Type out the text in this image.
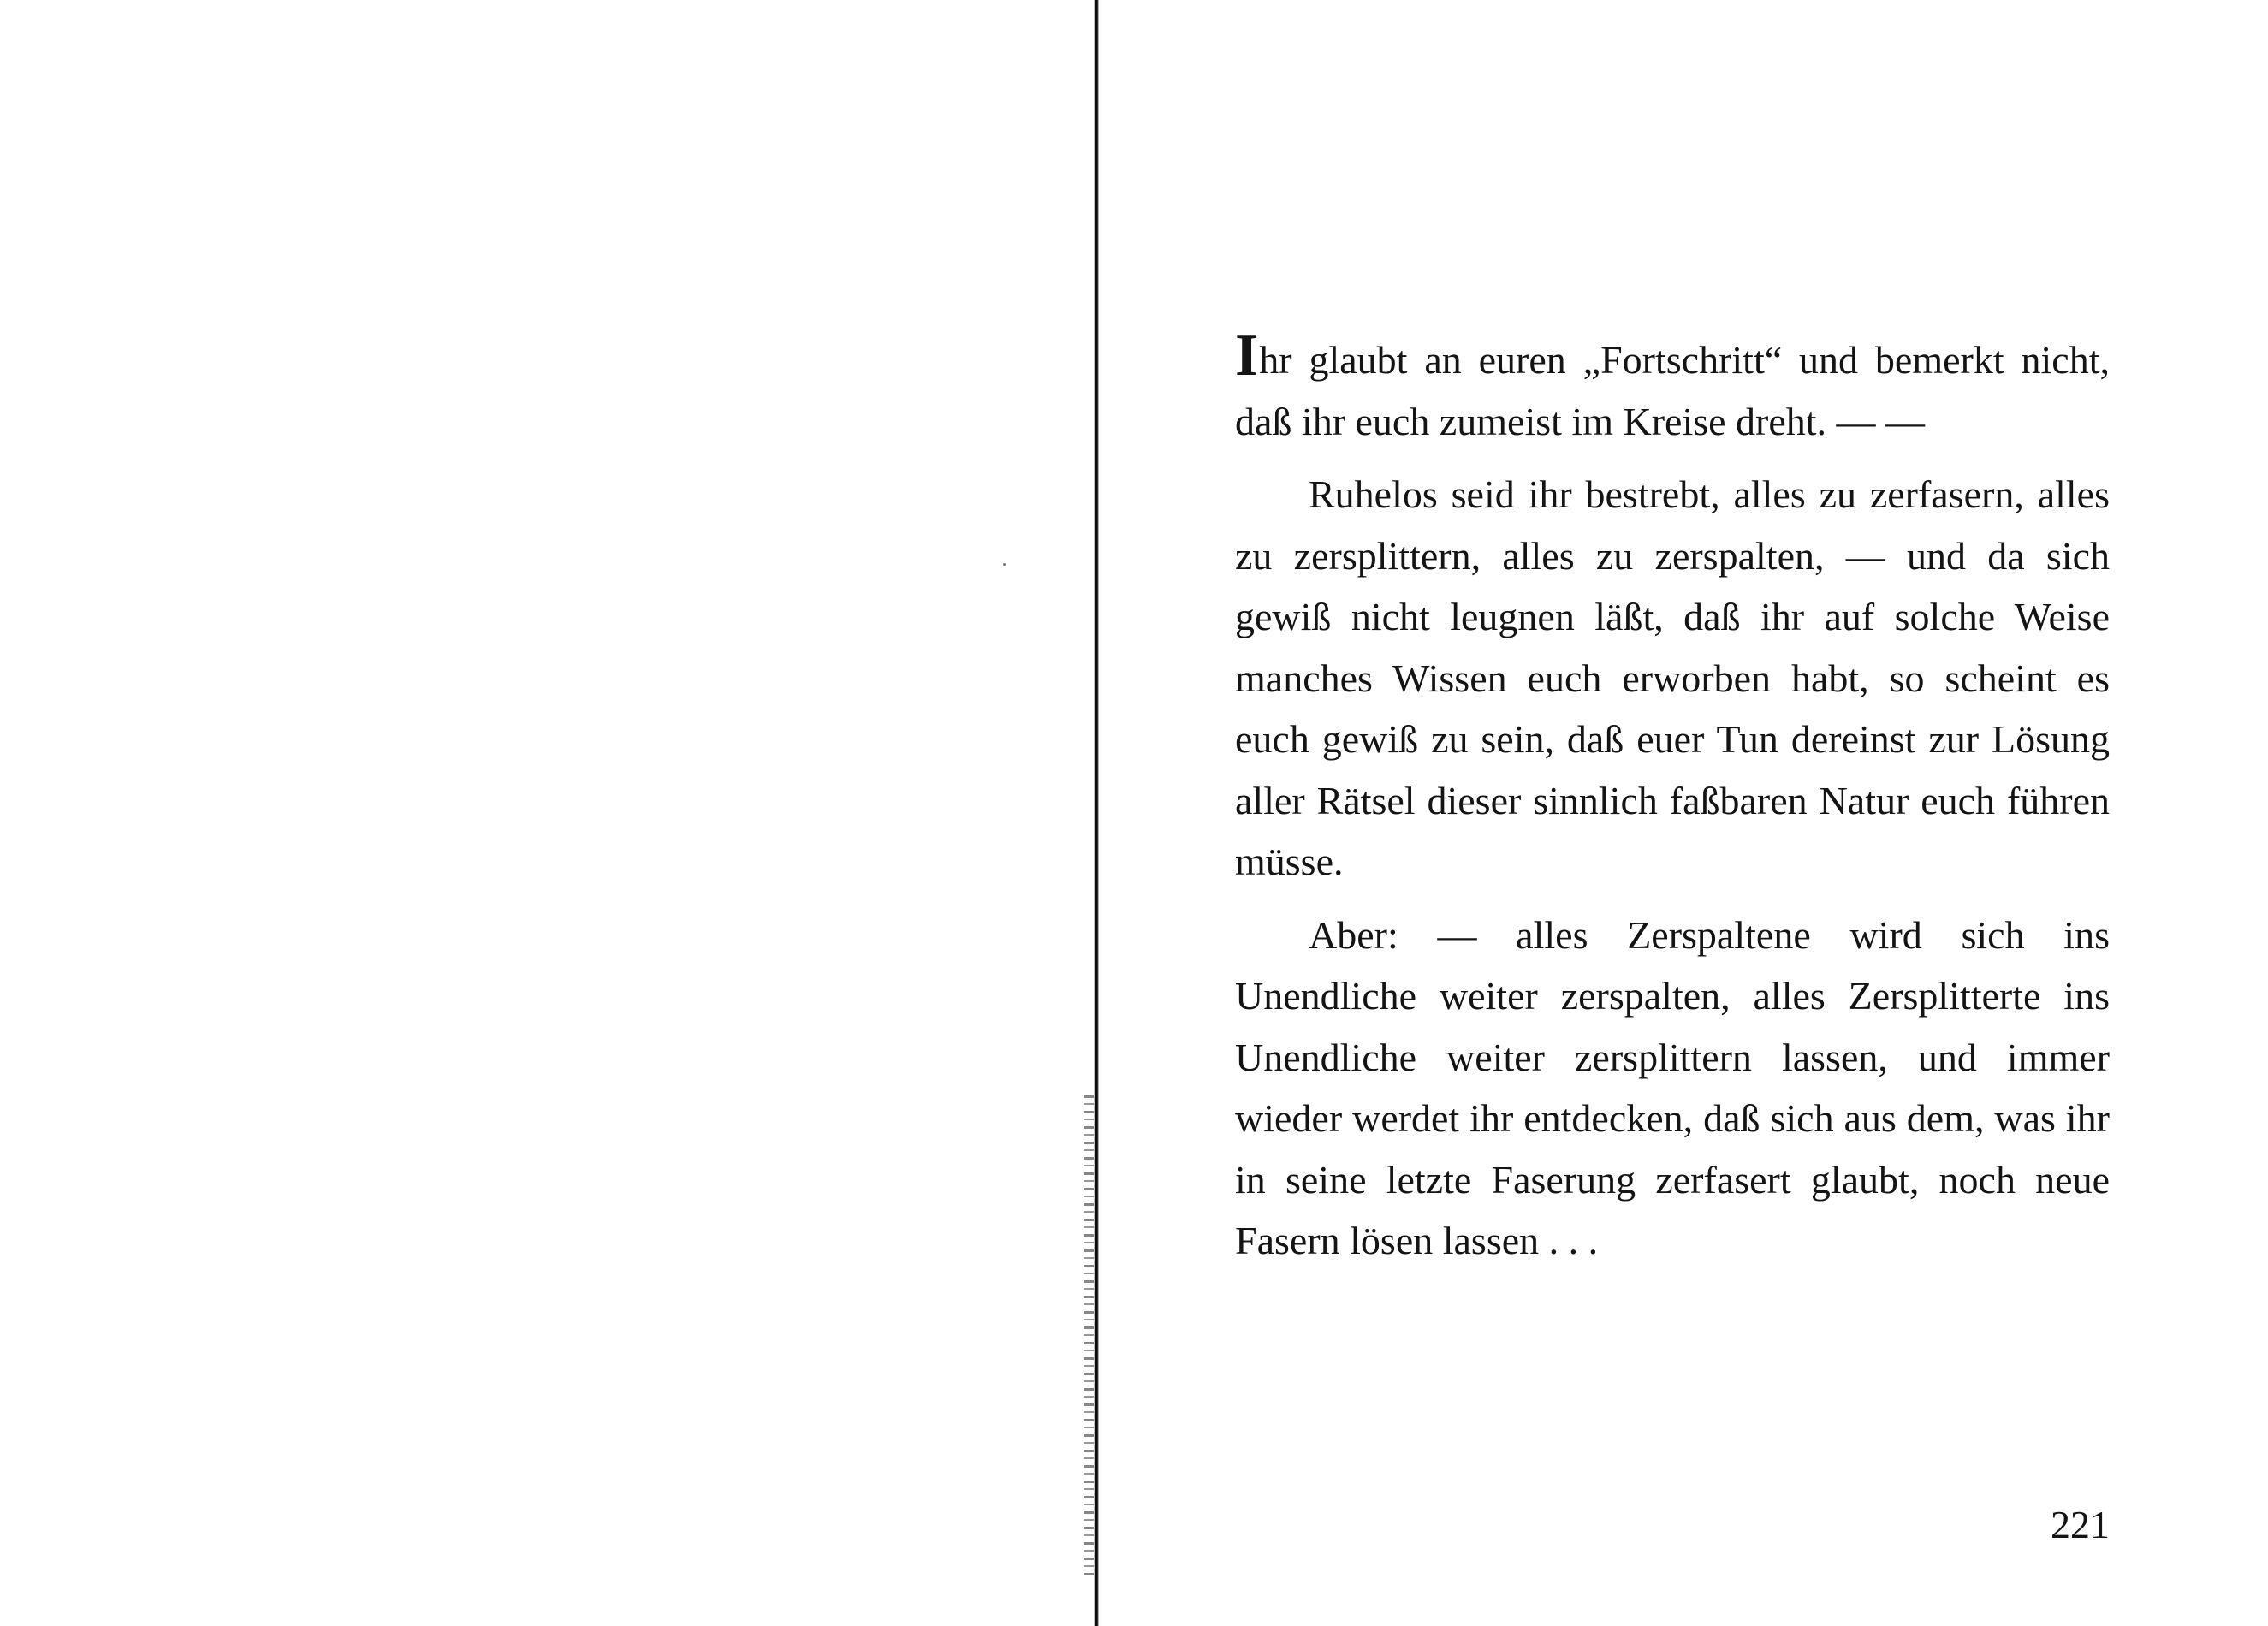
Ihr glaubt an euren „Fortschritt“ und bemerkt nicht, daß ihr euch zumeist im Kreise dreht. — —

Ruhelos seid ihr bestrebt, alles zu zerfasern, alles zu zersplittern, alles zu zerspalten, — und da sich gewiß nicht leugnen läßt, daß ihr auf solche Weise manches Wissen euch erworben habt, so scheint es euch gewiß zu sein, daß euer Tun dereinst zur Lösung aller Rätsel dieser sinnlich faßbaren Natur euch führen müsse.

Aber: — alles Zerspaltene wird sich ins Unendliche weiter zerspalten, alles Zersplitterte ins Unendliche weiter zersplittern lassen, und immer wieder werdet ihr entdecken, daß sich aus dem, was ihr in seine letzte Faserung zerfasert glaubt, noch neue Fasern lösen lassen . . .

221
